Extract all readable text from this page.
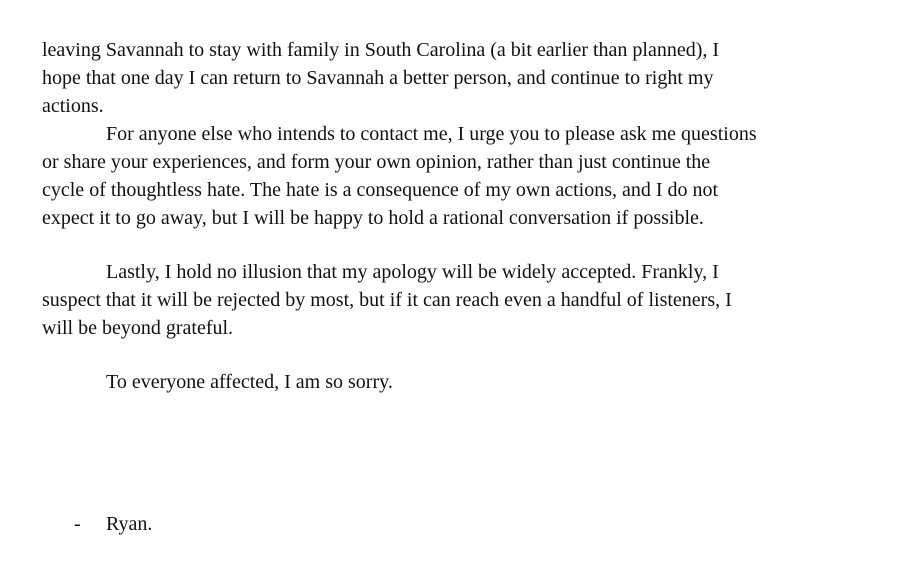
leaving Savannah to stay with family in South Carolina (a bit earlier than planned), I
hope that one day I can return to Savannah a better person, and continue to right my
actions.
For anyone else who intends to contact me, I urge you to please ask me questions
or share your experiences, and form your own opinion, rather than just continue the
cycle of thoughtless hate. The hate is a consequence of my own actions, and I do not
expect it to go away, but I will be happy to hold a rational conversation if possible.
Lastly, I hold no illusion that my apology will be widely accepted. Frankly, I
suspect that it will be rejected by most, but if it can reach even a handful of listeners, I
will be beyond grateful.
To everyone affected, I am so sorry.
- Ryan.
